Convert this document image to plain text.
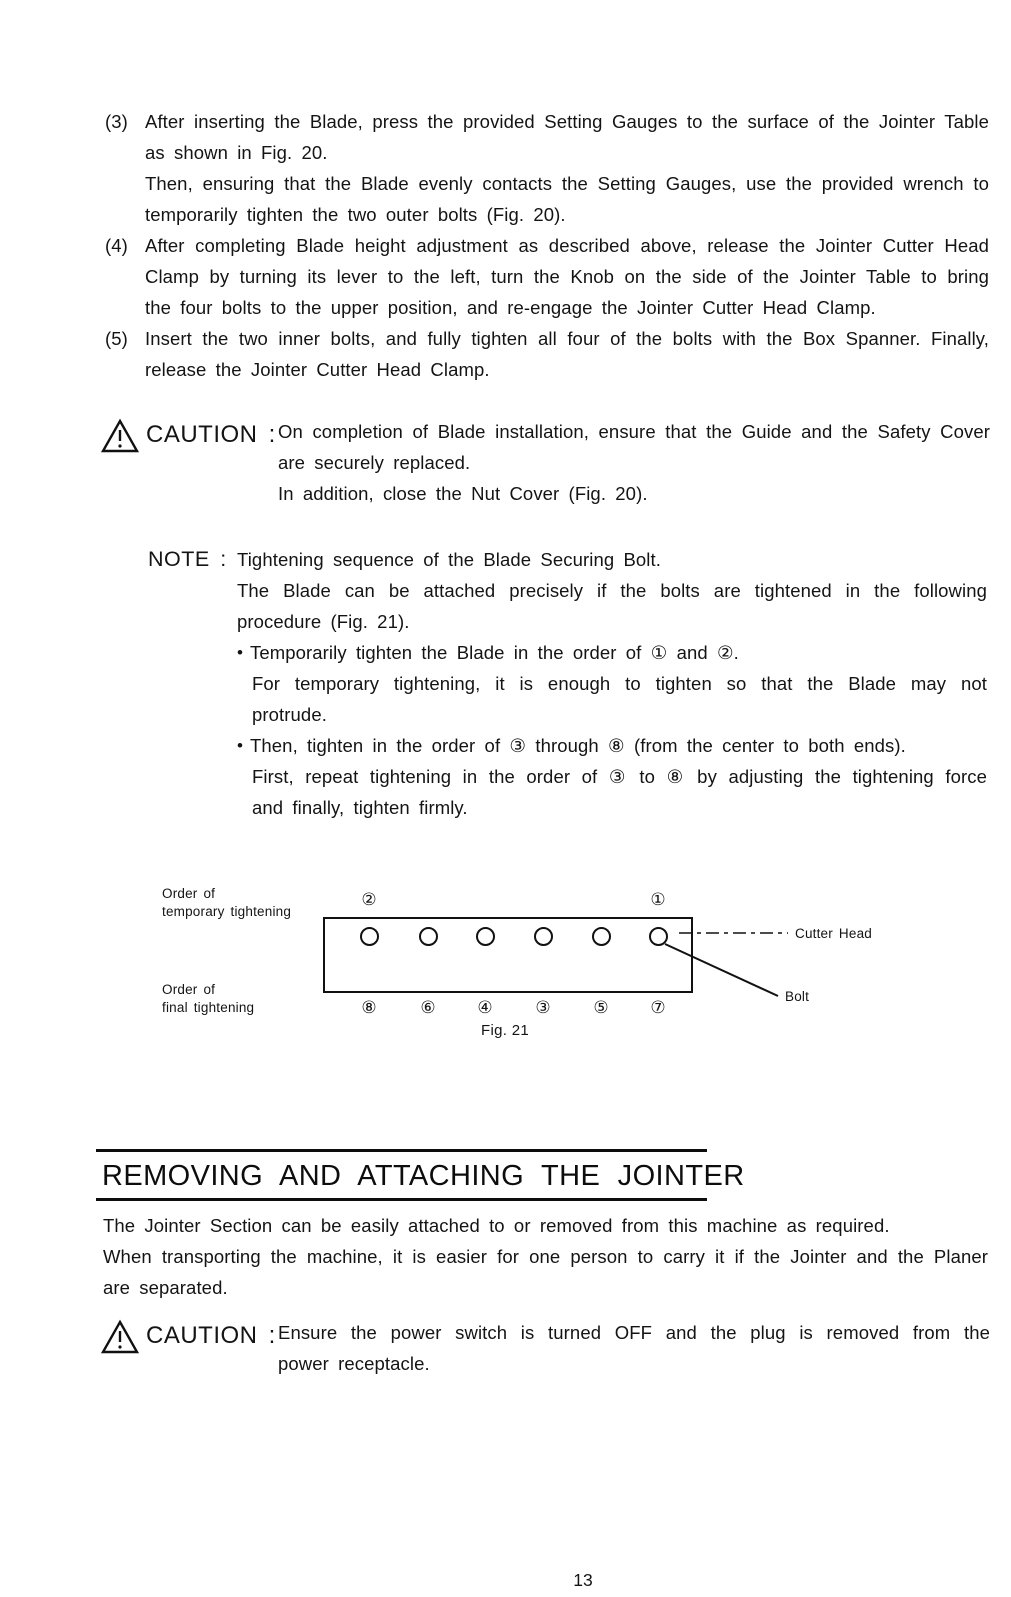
(3) After inserting the Blade, press the provided Setting Gauges to the surface of the Jointer Table as shown in Fig. 20.

Then, ensuring that the Blade evenly contacts the Setting Gauges, use the provided wrench to temporarily tighten the two outer bolts (Fig. 20).

(4) After completing Blade height adjustment as described above, release the Jointer Cutter Head Clamp by turning its lever to the left, turn the Knob on the side of the Jointer Table to bring the four bolts to the upper position, and re-engage the Jointer Cutter Head Clamp.

(5) Insert the two inner bolts, and fully tighten all four of the bolts with the Box Spanner. Finally, release the Jointer Cutter Head Clamp.

CAUTION : On completion of Blade installation, ensure that the Guide and the Safety Cover are securely replaced.

In addition, close the Nut Cover (Fig. 20).

NOTE : Tightening sequence of the Blade Securing Bolt.

The Blade can be attached precisely if the bolts are tightened in the following procedure (Fig. 21).

• Temporarily tighten the Blade in the order of ① and ②.

For temporary tightening, it is enough to tighten so that the Blade may not protrude.

• Then, tighten in the order of ③ through ⑧ (from the center to both ends).

First, repeat tightening in the order of ③ to ⑧ by adjusting the tightening force and finally, tighten firmly.

Order of
temporary tightening
Order of
final tightening
②	①
⑧	⑥ ④	③	⑤ ⑦
Cutter Head
Bolt
Fig. 21
REMOVING AND ATTACHING THE JOINTER

The Jointer Section can be easily attached to or removed from this machine as required.

When transporting the machine, it is easier for one person to carry it if the Jointer and the Planer are separated.

CAUTION : Ensure the power switch is turned OFF and the plug is removed from the power receptacle.

13
